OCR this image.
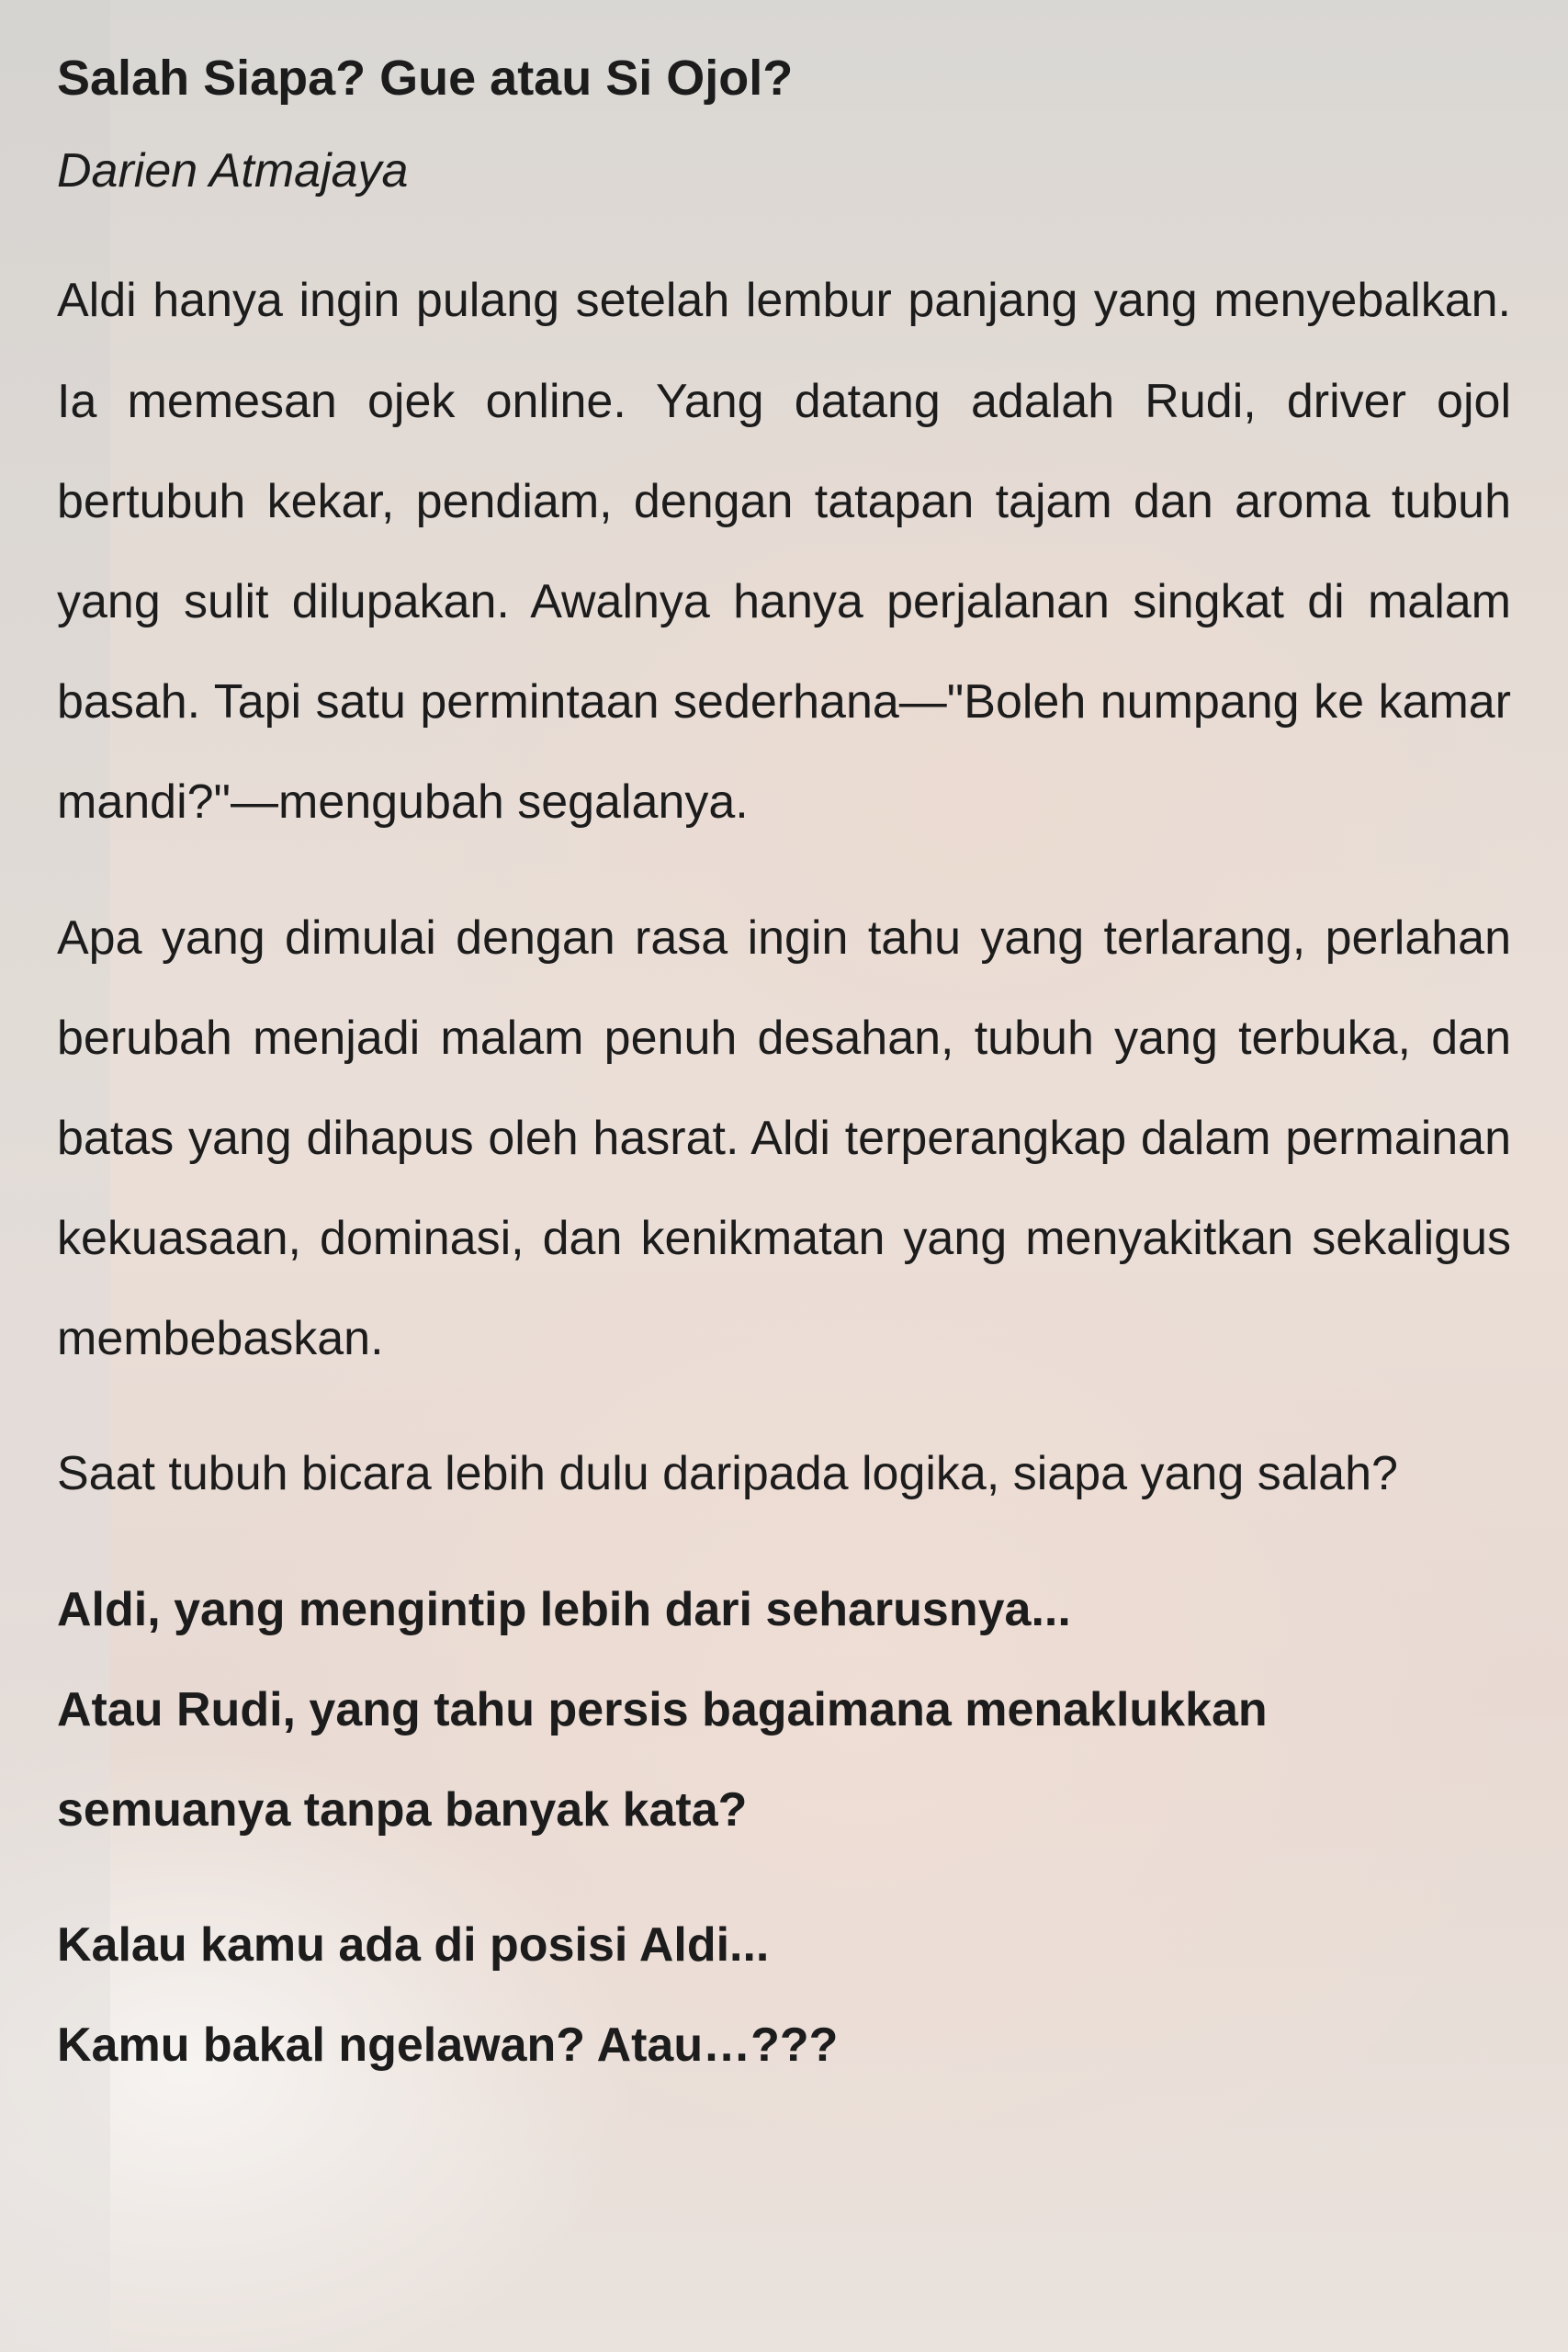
Salah Siapa? Gue atau Si Ojol?

Darien Atmajaya

Aldi hanya ingin pulang setelah lembur panjang yang menyebalkan. Ia memesan ojek online. Yang datang adalah Rudi, driver ojol bertubuh kekar, pendiam, dengan tatapan tajam dan aroma tubuh yang sulit dilupakan. Awalnya hanya perjalanan singkat di malam basah. Tapi satu permintaan sederhana—"Boleh numpang ke kamar mandi?"—mengubah segalanya.

Apa yang dimulai dengan rasa ingin tahu yang terlarang, perlahan berubah menjadi malam penuh desahan, tubuh yang terbuka, dan batas yang dihapus oleh hasrat. Aldi terperangkap dalam permainan kekuasaan, dominasi, dan kenikmatan yang menyakitkan sekaligus membebaskan.

Saat tubuh bicara lebih dulu daripada logika, siapa yang salah?

Aldi, yang mengintip lebih dari seharusnya...

Atau Rudi, yang tahu persis bagaimana menaklukkan semuanya tanpa banyak kata?

Kalau kamu ada di posisi Aldi...

Kamu bakal ngelawan? Atau…???
